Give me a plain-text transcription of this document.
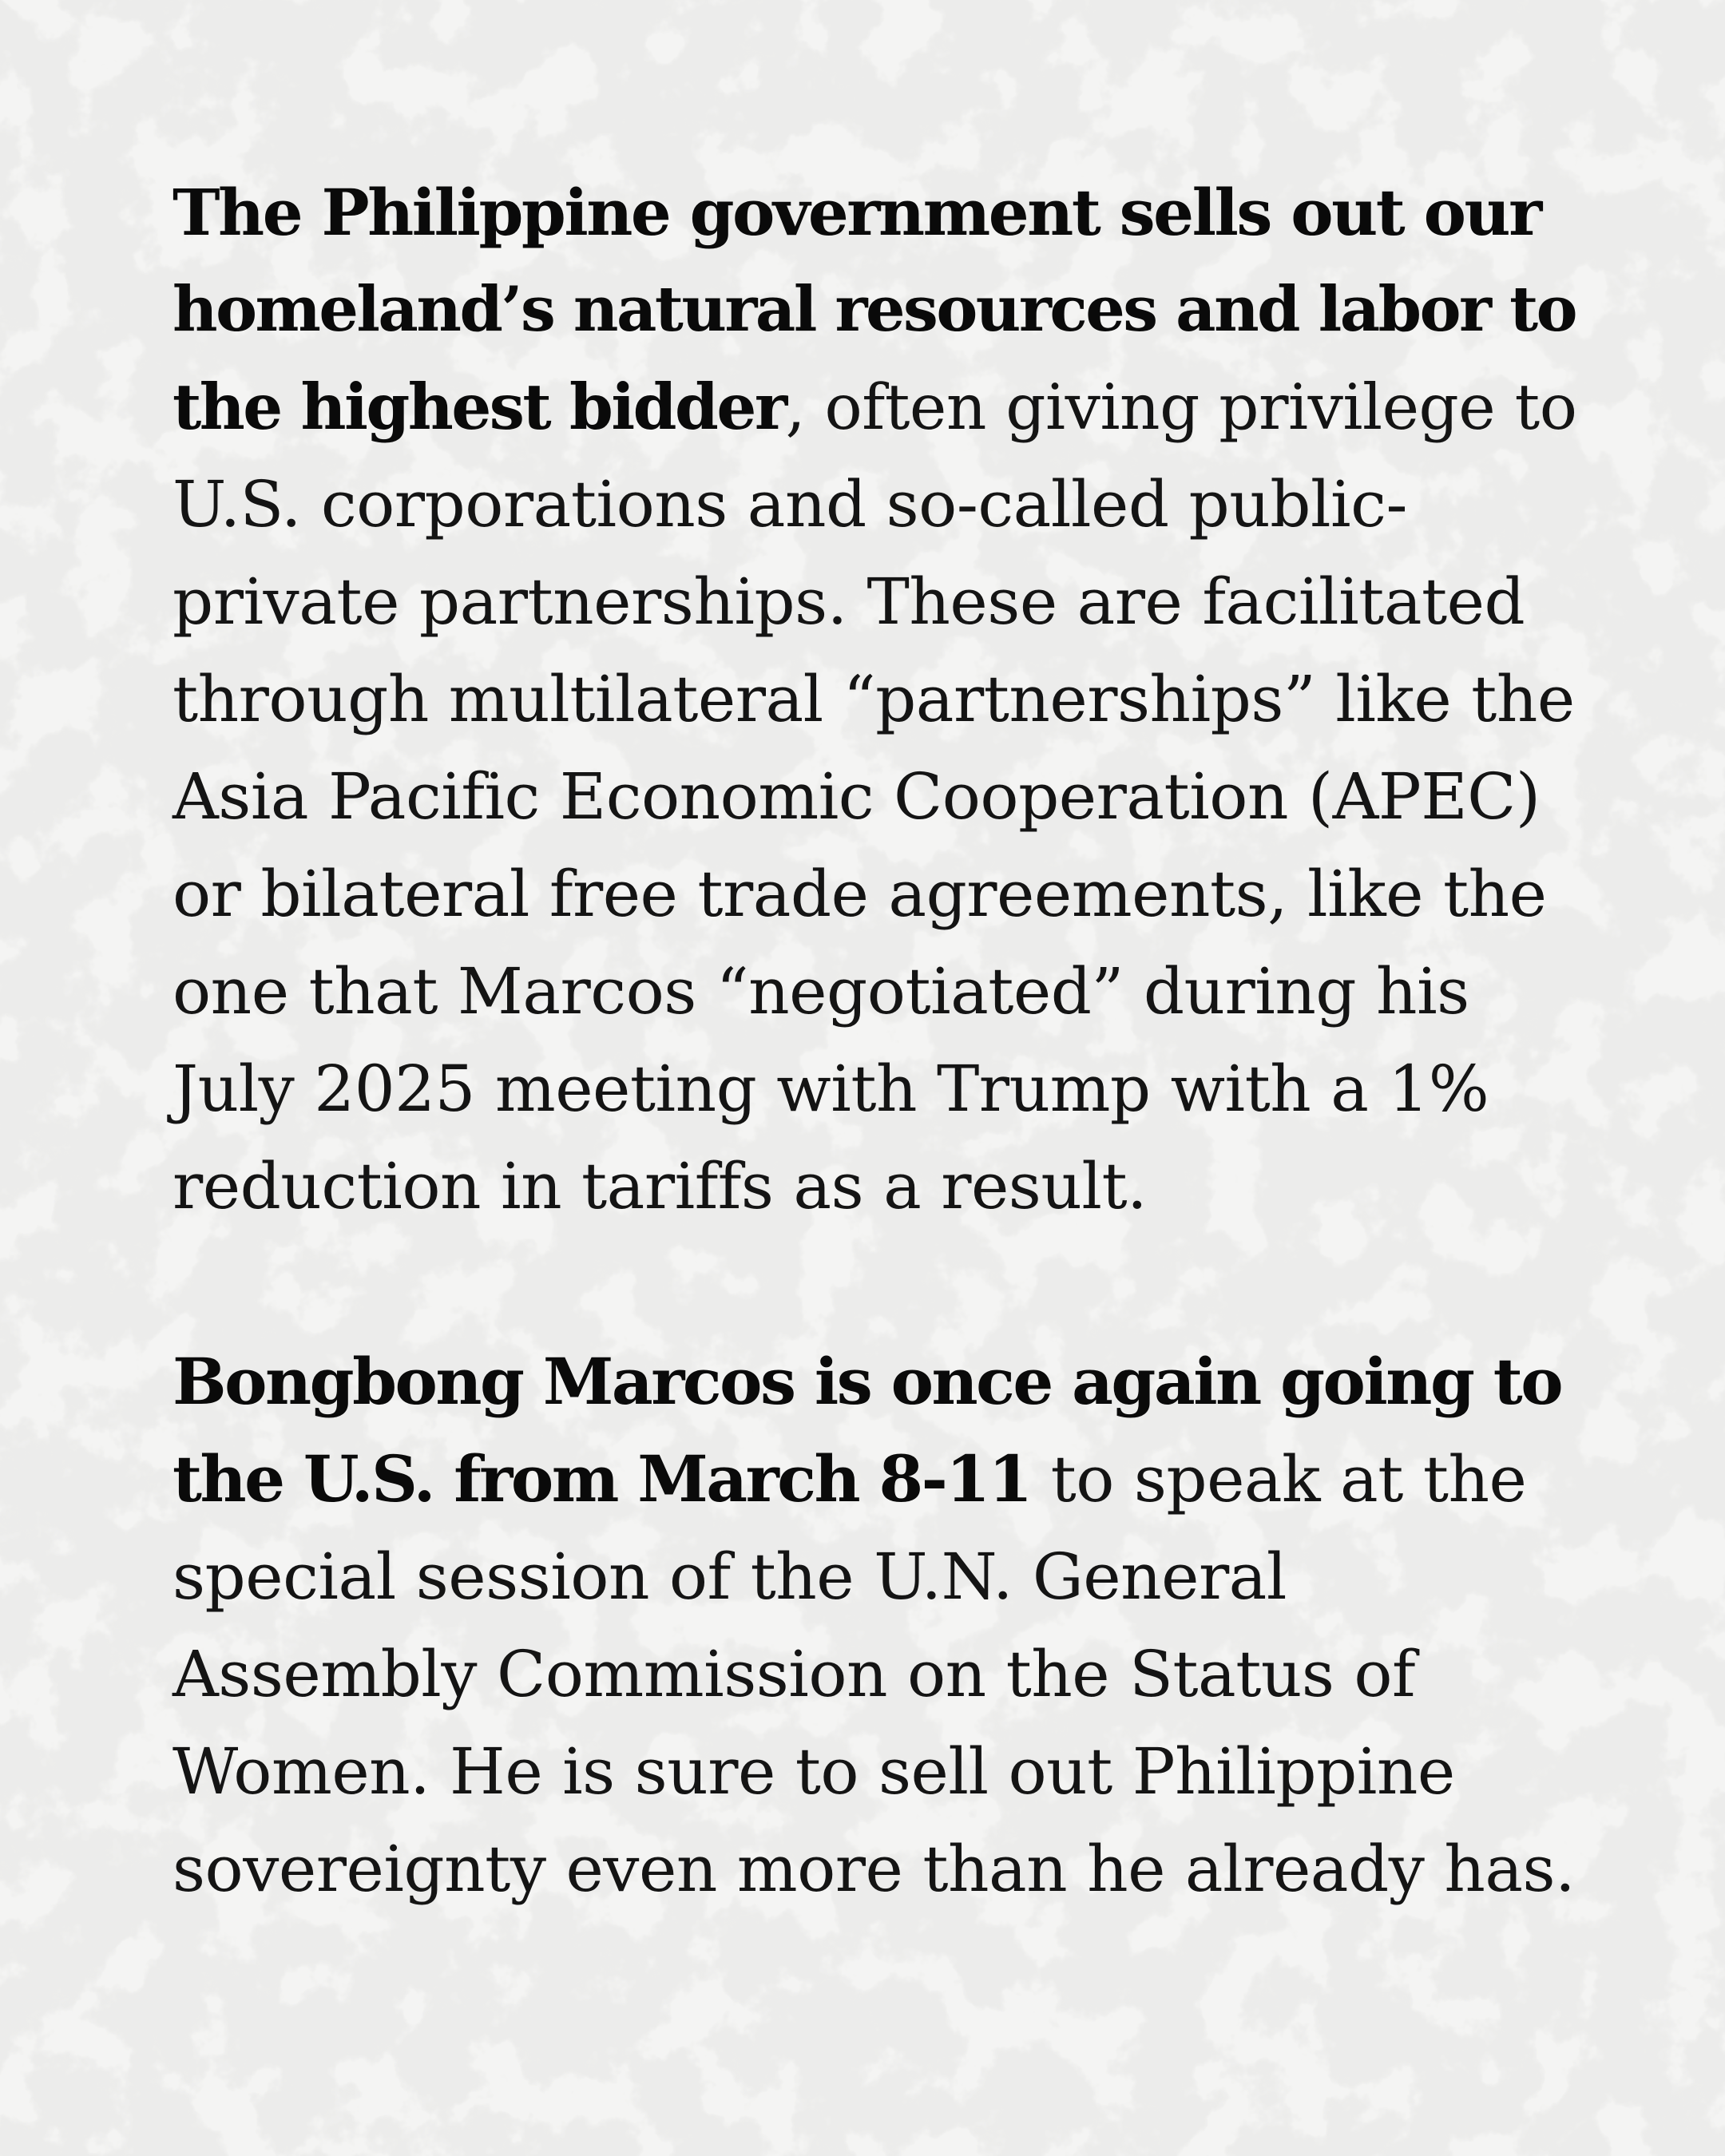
The Philippine government sells out our
homeland’s natural resources and labor to
the highest bidder, often giving privilege to
U.S. corporations and so-called public-
private partnerships. These are facilitated
through multilateral “partnerships” like the
Asia Pacific Economic Cooperation (APEC)
or bilateral free trade agreements, like the
one that Marcos “negotiated” during his
July 2025 meeting with Trump with a 1%
reduction in tariffs as a result.

Bongbong Marcos is once again going to
the U.S. from March 8-11 to speak at the
special session of the U.N. General
Assembly Commission on the Status of
Women. He is sure to sell out Philippine
sovereignty even more than he already has.
